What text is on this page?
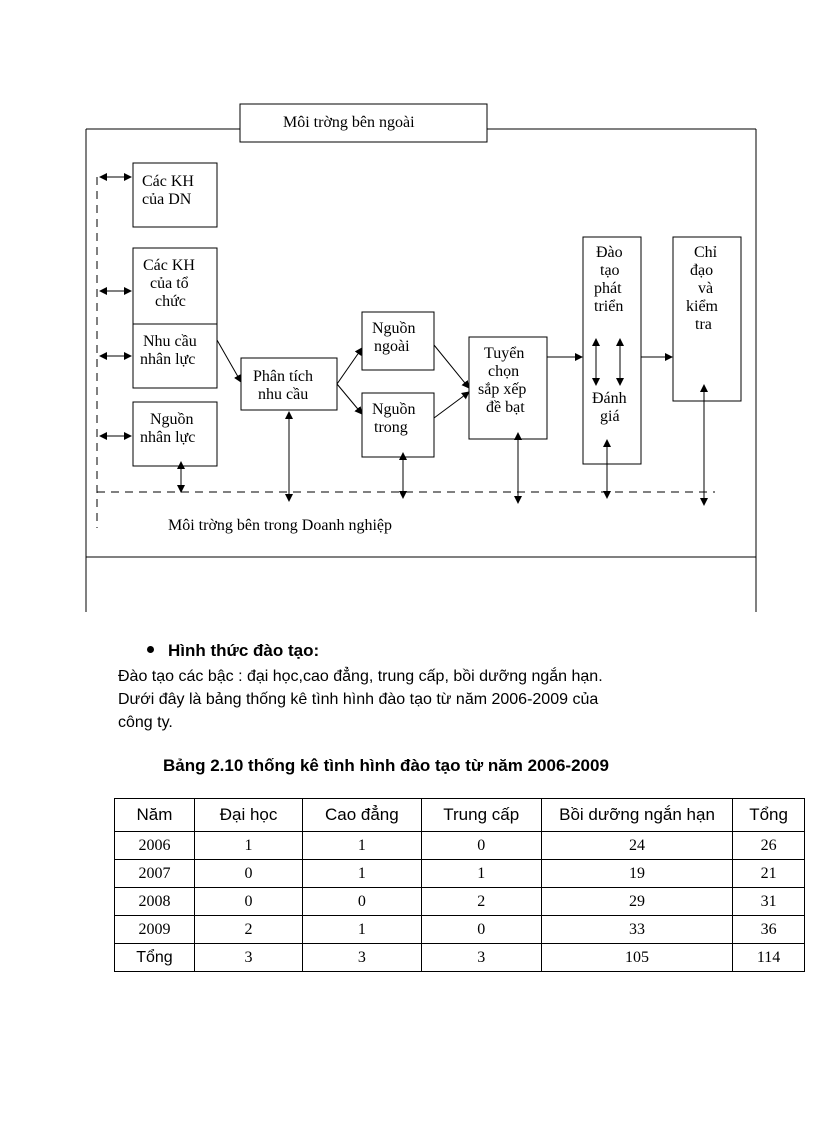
Môi trờng bên ngoài
Các KH
của DN
Các KH
của tổ
chức
Nhu cầu
nhân lực
Nguồn
nhân lực
Phân tích
nhu cầu
Nguồn
ngoài
Nguồn
trong
Tuyển
chọn
sắp xếp
đề bạt
Đào
tạo
phát
triển
Đánh
giá
Chỉ
đạo
và
kiểm
tra
Môi trờng bên trong Doanh nghiệp
Hình thức đào tạo:
Đào tạo các bậc : đại học,cao đẳng, trung cấp, bồi dưỡng ngắn hạn.
Dưới đây là bảng thống kê tình hình đào tạo từ năm 2006-2009 của
công ty.
Bảng 2.10 thống kê tình hình đào tạo từ năm 2006-2009
Năm	Đại học	Cao đẳng	Trung cấp	Bồi dưỡng ngắn hạn	Tổng
2006	1	1	0	24	26
2007	0	1	1	19	21
2008	0	0	2	29	31
2009	2	1	0	33	36
Tổng	3	3	3	105	114
